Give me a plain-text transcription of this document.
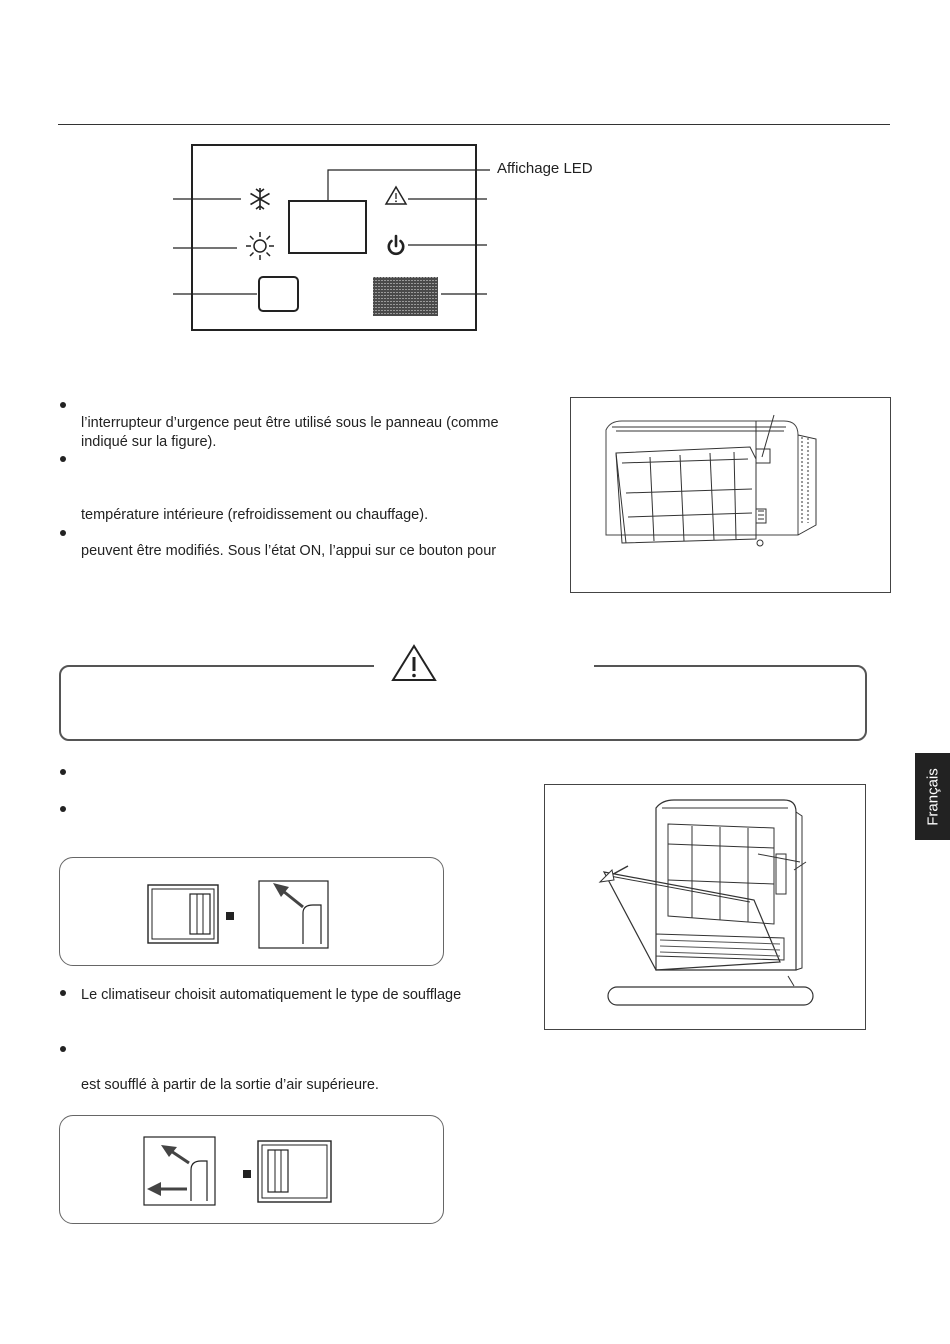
Affichage LED
l’interrupteur d’urgence peut être utilisé sous le panneau (comme
indiqué sur la figure).
température intérieure (refroidissement ou chauffage).
peuvent être modifiés. Sous l’état ON, l’appui sur ce bouton pour
Le climatiseur choisit automatiquement le type de soufflage
est soufflé à partir de la sortie d’air supérieure.
Français
